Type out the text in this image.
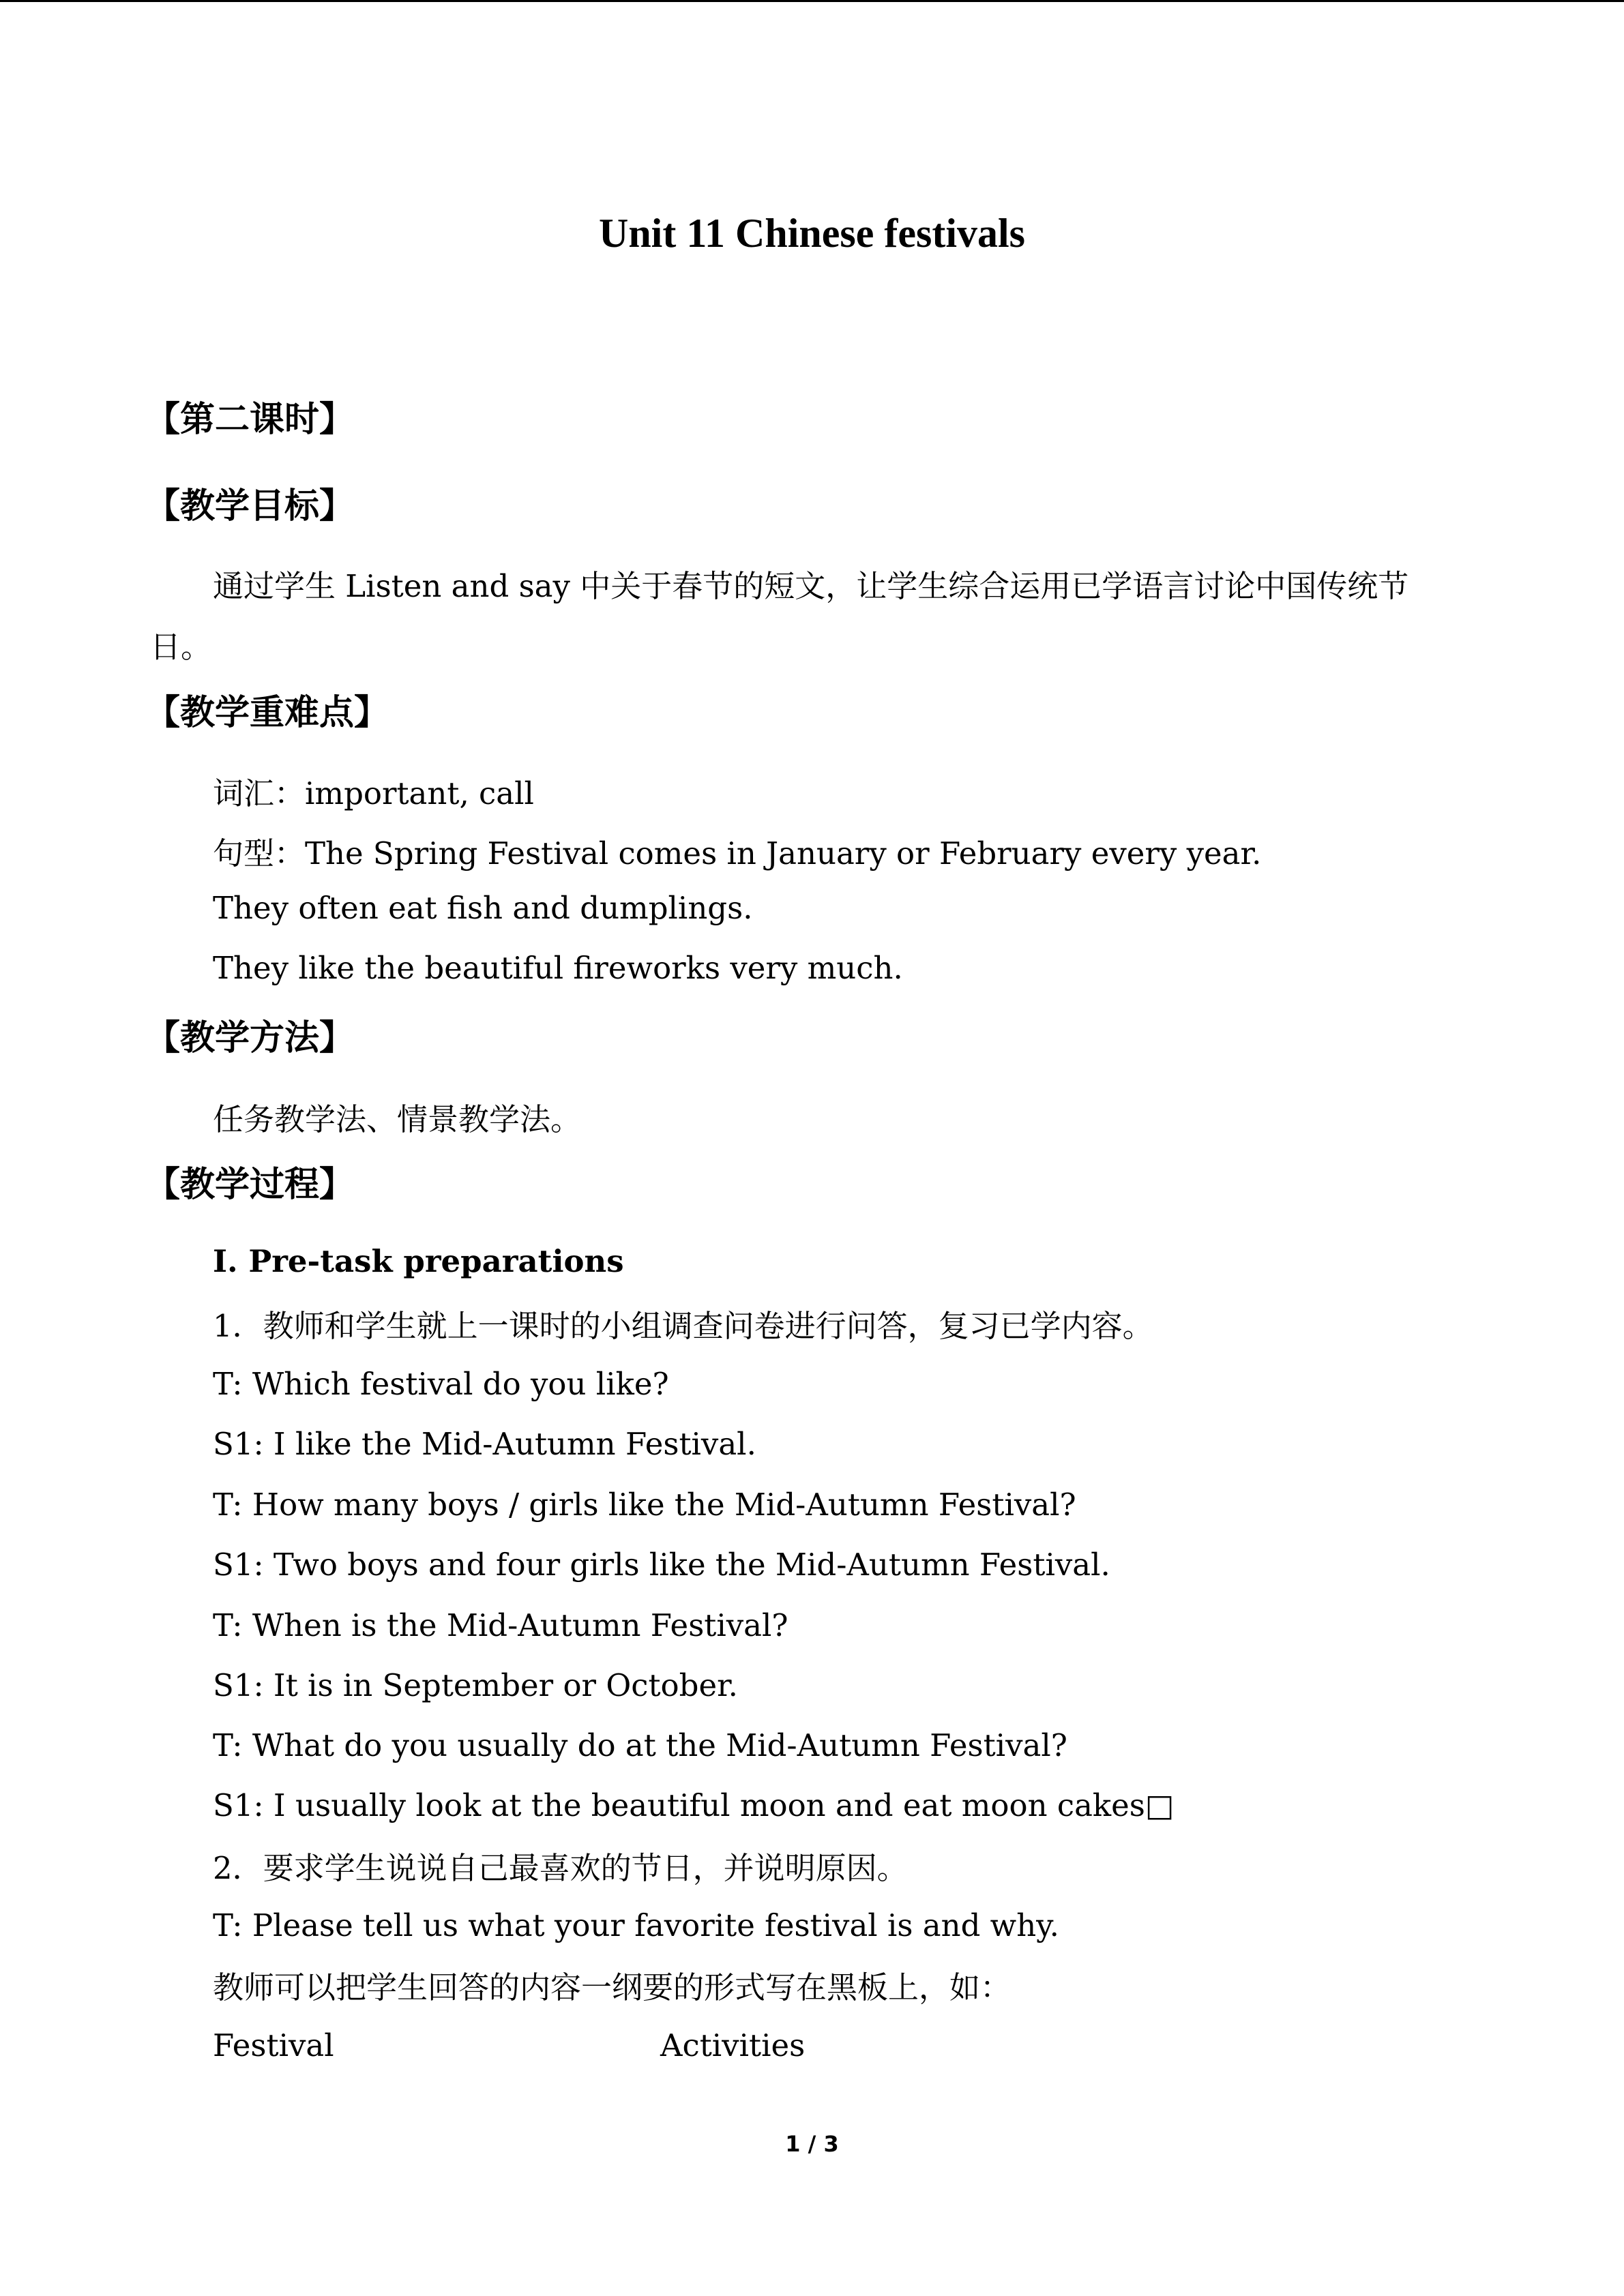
Unit 11 Chinese festivals
【第二课时】
【教学目标】
通过学生 Listen and say 中关于春节的短文，让学生综合运用已学语言讨论中国传统节
日。
【教学重难点】
词汇：important, call
句型：The Spring Festival comes in January or February every year.
They often eat fish and dumplings.
They like the beautiful fireworks very much.
【教学方法】
任务教学法、情景教学法。
【教学过程】
Ⅰ. Pre-task preparations
1．教师和学生就上一课时的小组调查问卷进行问答，复习已学内容。
T: Which festival do you like?
S1: I like the Mid-Autumn Festival.
T: How many boys / girls like the Mid-Autumn Festival?
S1: Two boys and four girls like the Mid-Autumn Festival.
T: When is the Mid-Autumn Festival?
S1: It is in September or October.
T: What do you usually do at the Mid-Autumn Festival?
S1: I usually look at the beautiful moon and eat moon cakes□
2．要求学生说说自己最喜欢的节日，并说明原因。
T: Please tell us what your favorite festival is and why.
教师可以把学生回答的内容一纲要的形式写在黑板上，如：
Festival	Activities
1 / 3
